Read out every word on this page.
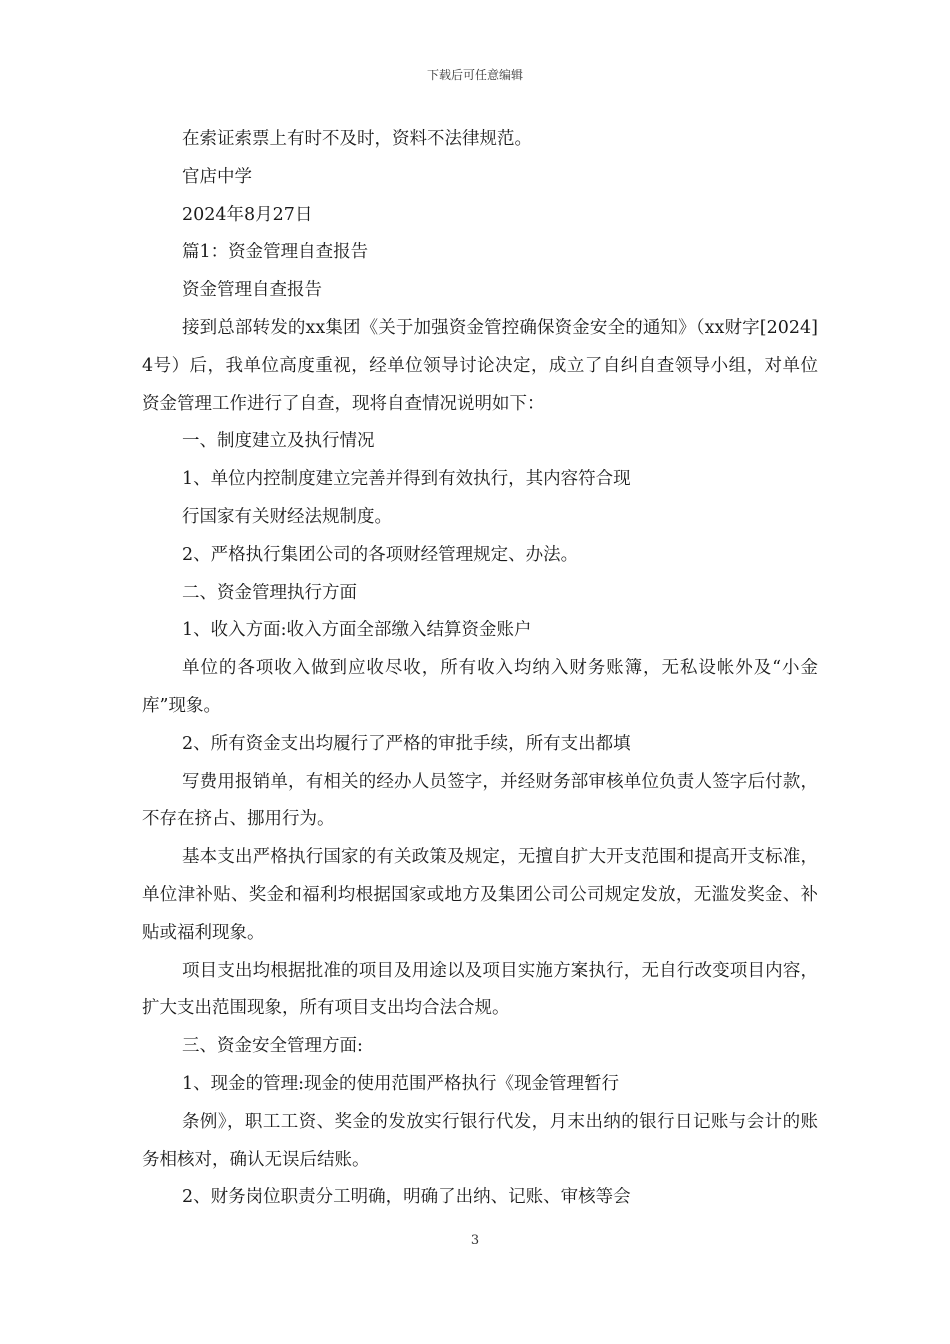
下载后可任意编辑

在索证索票上有时不及时，资料不法律规范。

官店中学

2024年8月27日

篇1：资金管理自查报告

资金管理自查报告

接到总部转发的xx集团《关于加强资金管控确保资金安全的通知》（xx财字[2024]4号）后，我单位高度重视，经单位领导讨论决定，成立了自纠自查领导小组，对单位资金管理工作进行了自查，现将自查情况说明如下：

一、制度建立及执行情况

1、单位内控制度建立完善并得到有效执行，其内容符合现

行国家有关财经法规制度。

2、严格执行集团公司的各项财经管理规定、办法。

二、资金管理执行方面

1、收入方面:收入方面全部缴入结算资金账户

单位的各项收入做到应收尽收，所有收入均纳入财务账簿，无私设帐外及“小金库”现象。

2、所有资金支出均履行了严格的审批手续，所有支出都填

写费用报销单，有相关的经办人员签字，并经财务部审核单位负责人签字后付款，不存在挤占、挪用行为。

基本支出严格执行国家的有关政策及规定，无擅自扩大开支范围和提高开支标准，单位津补贴、奖金和福利均根据国家或地方及集团公司公司规定发放，无滥发奖金、补贴或福利现象。

项目支出均根据批准的项目及用途以及项目实施方案执行，无自行改变项目内容，扩大支出范围现象，所有项目支出均合法合规。

三、资金安全管理方面:

1、现金的管理:现金的使用范围严格执行《现金管理暂行

条例》，职工工资、奖金的发放实行银行代发，月末出纳的银行日记账与会计的账务相核对，确认无误后结账。

2、财务岗位职责分工明确，明确了出纳、记账、审核等会

3
